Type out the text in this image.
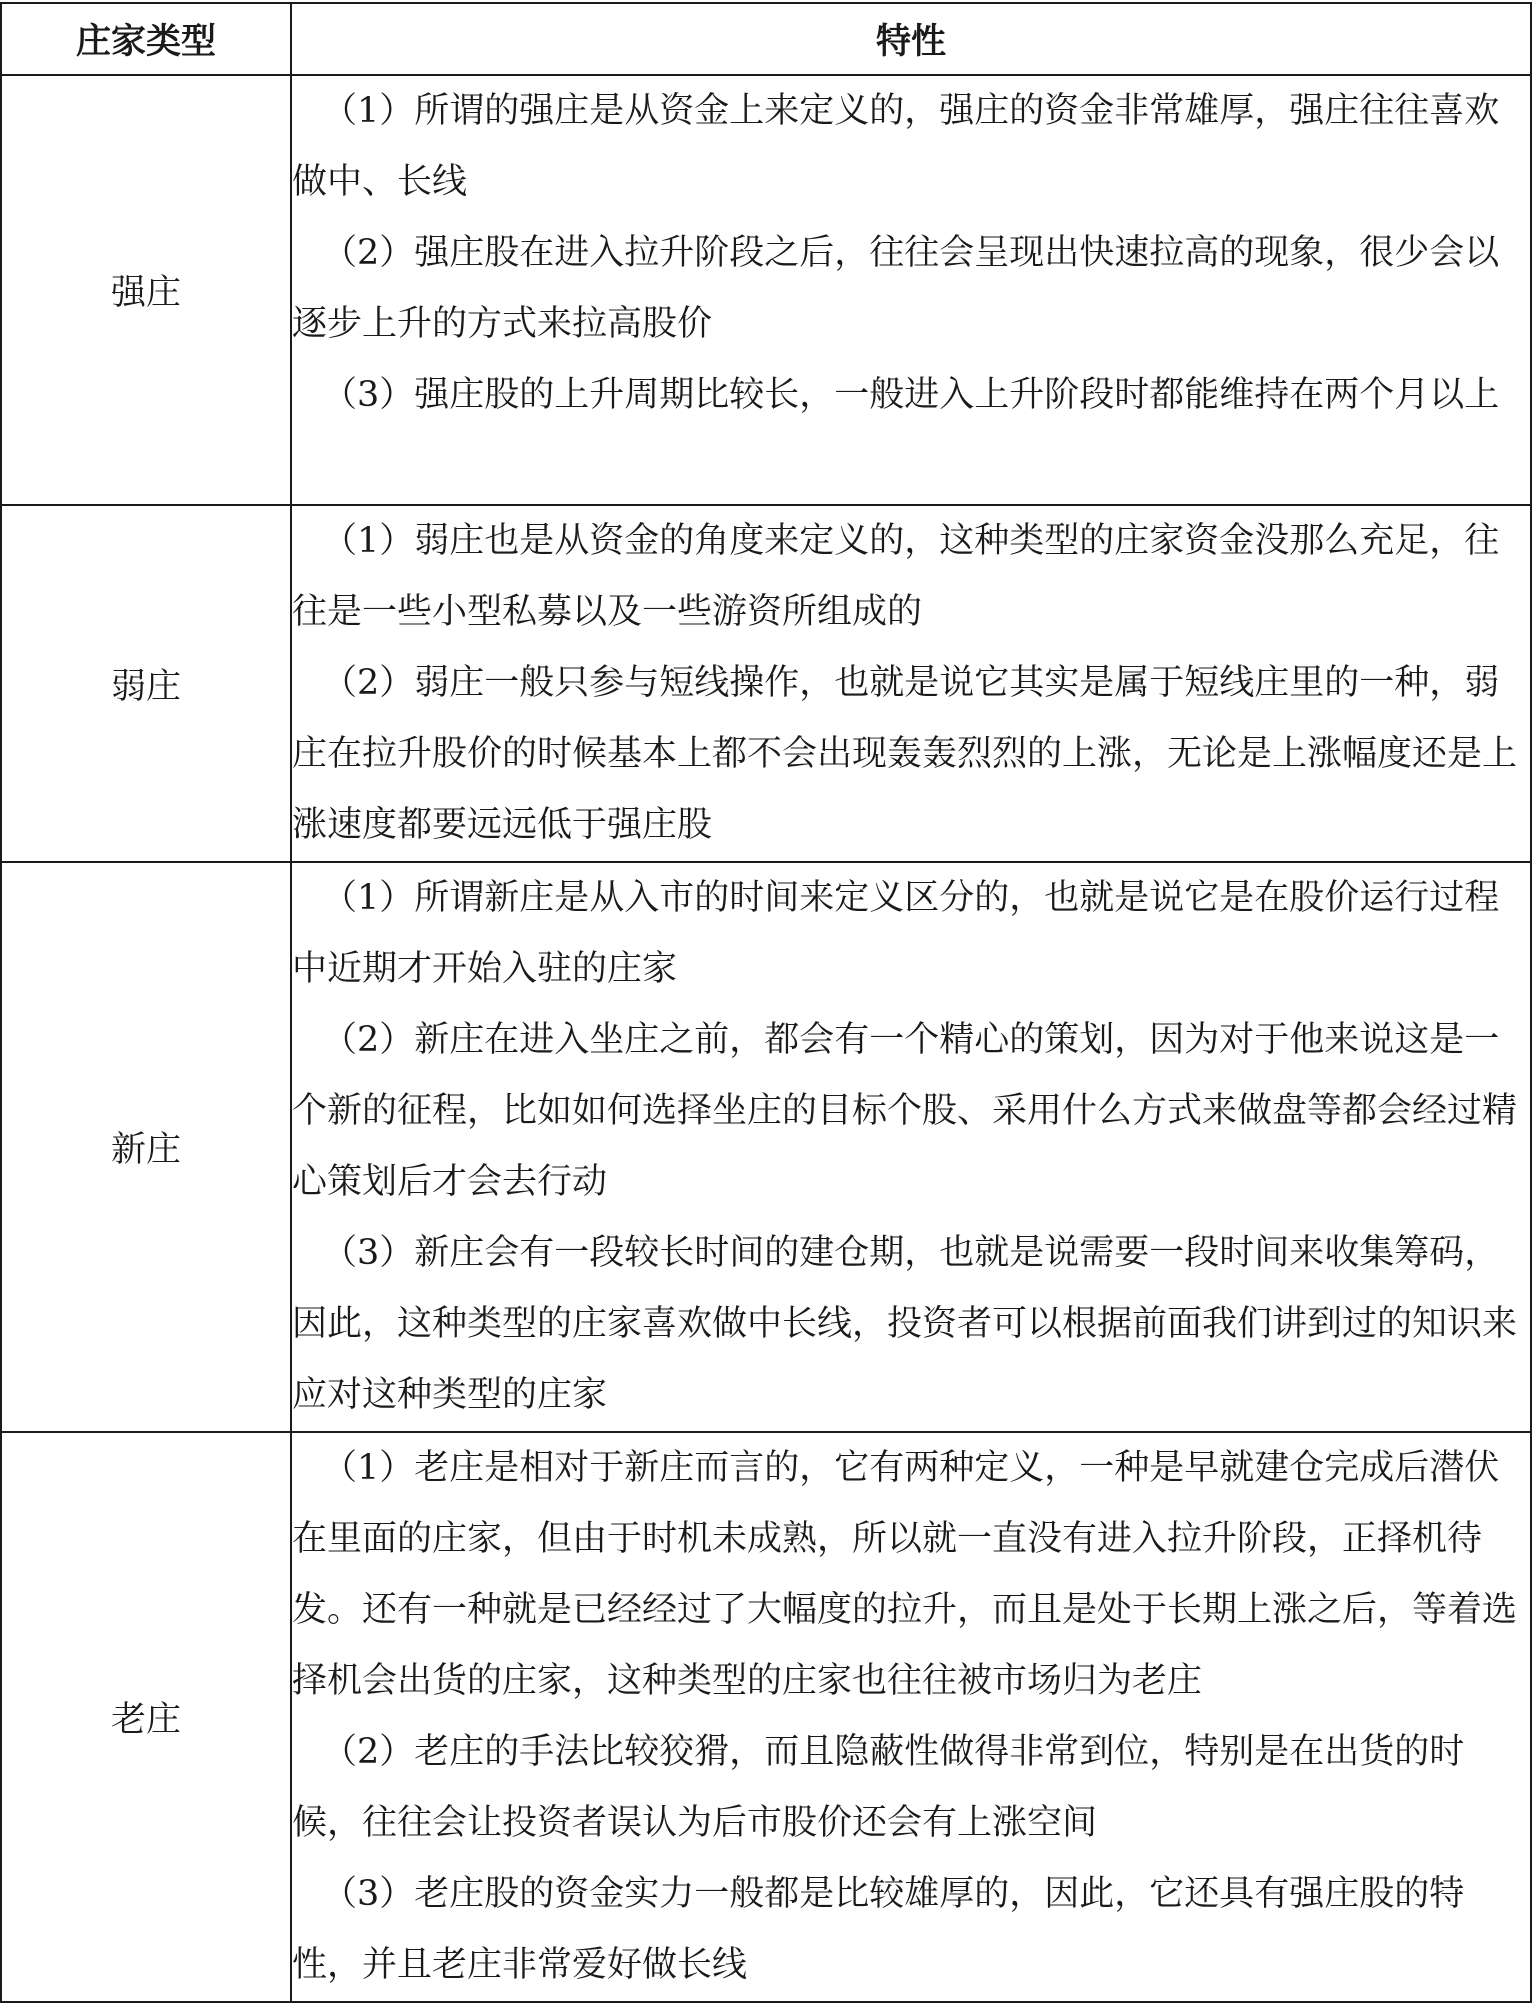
庄家类型	特性
强庄	（1）所谓的强庄是从资金上来定义的，强庄的资金非常雄厚，强庄往往喜欢做中、长线

（2）强庄股在进入拉升阶段之后，往往会呈现出快速拉高的现象，很少会以逐步上升的方式来拉高股价

（3）强庄股的上升周期比较长，一般进入上升阶段时都能维持在两个月以上

弱庄	（1）弱庄也是从资金的角度来定义的，这种类型的庄家资金没那么充足，往往是一些小型私募以及一些游资所组成的

（2）弱庄一般只参与短线操作，也就是说它其实是属于短线庄里的一种，弱庄在拉升股价的时候基本上都不会出现轰轰烈烈的上涨，无论是上涨幅度还是上涨速度都要远远低于强庄股

新庄	（1）所谓新庄是从入市的时间来定义区分的，也就是说它是在股价运行过程中近期才开始入驻的庄家

（2）新庄在进入坐庄之前，都会有一个精心的策划，因为对于他来说这是一个新的征程，比如如何选择坐庄的目标个股、采用什么方式来做盘等都会经过精心策划后才会去行动

（3）新庄会有一段较长时间的建仓期，也就是说需要一段时间来收集筹码，因此，这种类型的庄家喜欢做中长线，投资者可以根据前面我们讲到过的知识来应对这种类型的庄家

老庄	（1）老庄是相对于新庄而言的，它有两种定义，一种是早就建仓完成后潜伏在里面的庄家，但由于时机未成熟，所以就一直没有进入拉升阶段，正择机待发。还有一种就是已经经过了大幅度的拉升，而且是处于长期上涨之后，等着选择机会出货的庄家，这种类型的庄家也往往被市场归为老庄

（2）老庄的手法比较狡猾，而且隐蔽性做得非常到位，特别是在出货的时候，往往会让投资者误认为后市股价还会有上涨空间

（3）老庄股的资金实力一般都是比较雄厚的，因此，它还具有强庄股的特性，并且老庄非常爱好做长线
